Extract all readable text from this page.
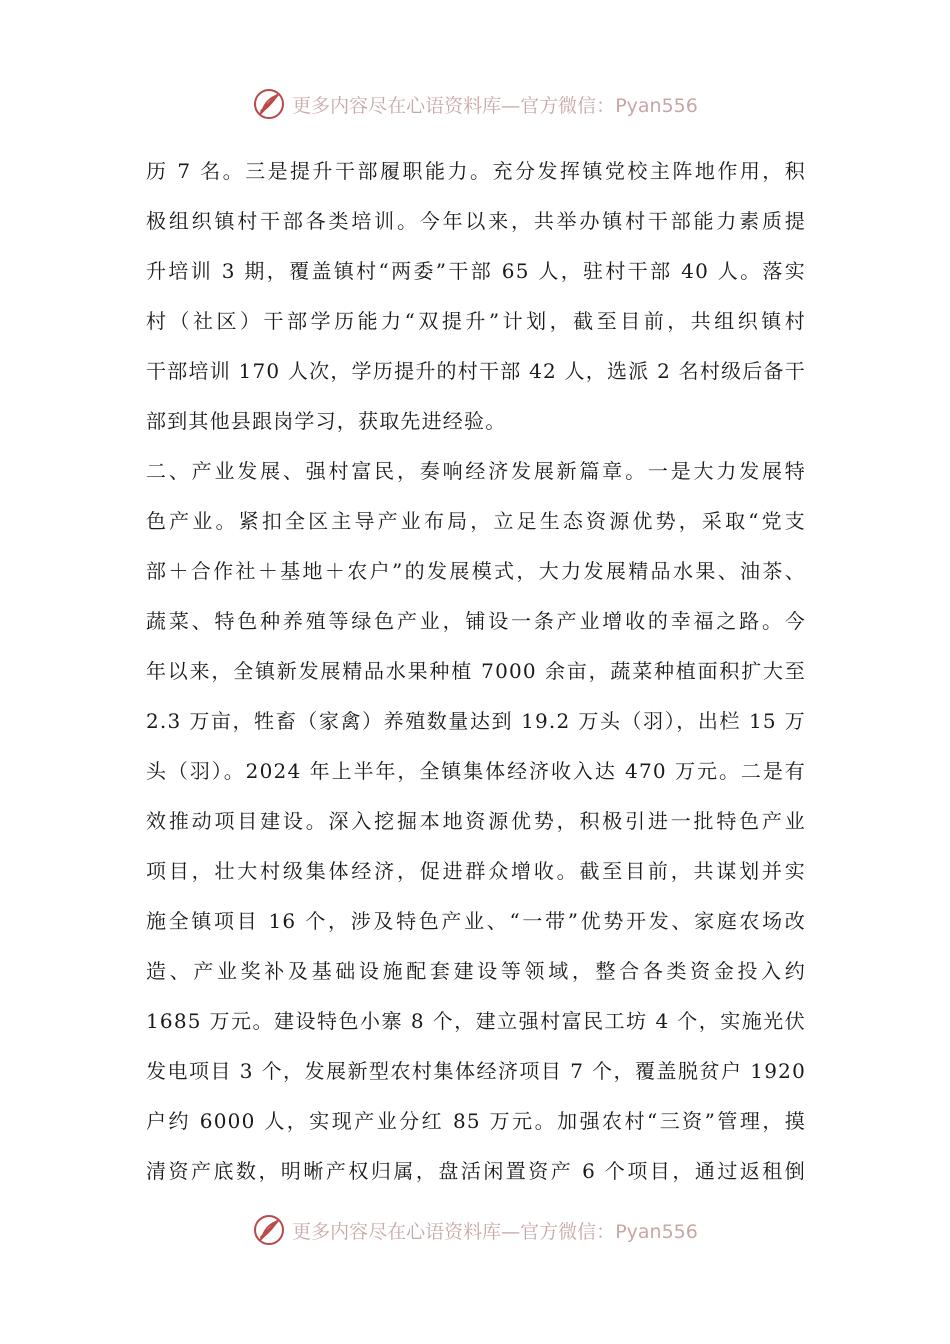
更多内容尽在心语资料库—官方微信：Pyan556
历 7 名。三是提升干部履职能力。充分发挥镇党校主阵地作用，积
极组织镇村干部各类培训。今年以来，共举办镇村干部能力素质提
升培训 3 期，覆盖镇村“两委”干部 65 人，驻村干部 40 人。落实
村（社区）干部学历能力“双提升”计划，截至目前，共组织镇村
干部培训 170 人次，学历提升的村干部 42 人，选派 2 名村级后备干
部到其他县跟岗学习，获取先进经验。
二、产业发展、强村富民，奏响经济发展新篇章。一是大力发展特
色产业。紧扣全区主导产业布局，立足生态资源优势，采取“党支
部＋合作社＋基地＋农户”的发展模式，大力发展精品水果、油茶、
蔬菜、特色种养殖等绿色产业，铺设一条产业增收的幸福之路。今
年以来，全镇新发展精品水果种植 7000 余亩，蔬菜种植面积扩大至
2.3 万亩，牲畜（家禽）养殖数量达到 19.2 万头（羽），出栏 15 万
头（羽）。2024 年上半年，全镇集体经济收入达 470 万元。二是有
效推动项目建设。深入挖掘本地资源优势，积极引进一批特色产业
项目，壮大村级集体经济，促进群众增收。截至目前，共谋划并实
施全镇项目 16 个，涉及特色产业、“一带”优势开发、家庭农场改
造、产业奖补及基础设施配套建设等领域，整合各类资金投入约
1685 万元。建设特色小寨 8 个，建立强村富民工坊 4 个，实施光伏
发电项目 3 个，发展新型农村集体经济项目 7 个，覆盖脱贫户 1920
户约 6000 人，实现产业分红 85 万元。加强农村“三资”管理，摸
清资产底数，明晰产权归属，盘活闲置资产 6 个项目，通过返租倒
更多内容尽在心语资料库—官方微信：Pyan556
